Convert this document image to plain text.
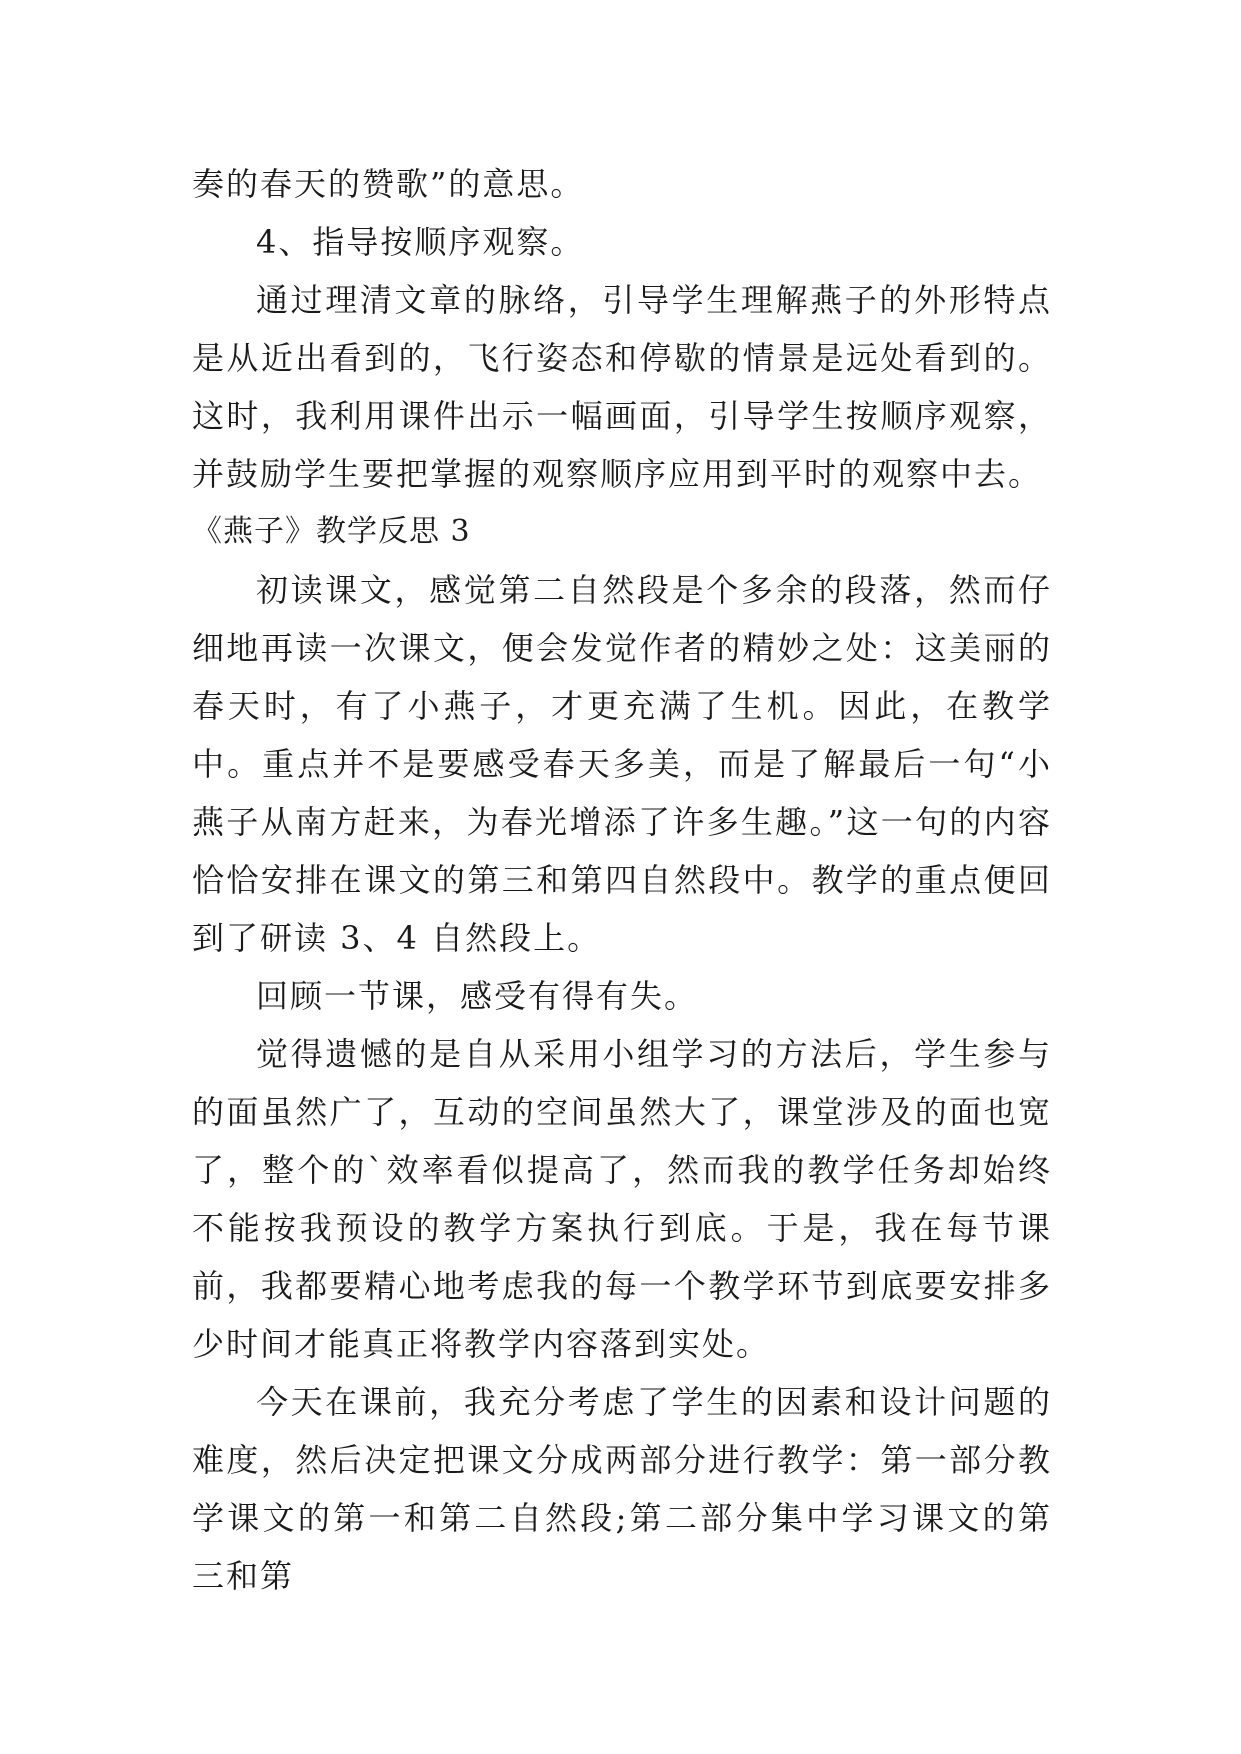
奏的春天的赞歌”的意思。

4、指导按顺序观察。

通过理清文章的脉络，引导学生理解燕子的外形特点是从近出看到的，飞行姿态和停歇的情景是远处看到的。这时，我利用课件出示一幅画面，引导学生按顺序观察，并鼓励学生要把掌握的观察顺序应用到平时的观察中去。

《燕子》教学反思 3

初读课文，感觉第二自然段是个多余的段落，然而仔细地再读一次课文，便会发觉作者的精妙之处：这美丽的春天时，有了小燕子，才更充满了生机。因此，在教学中。重点并不是要感受春天多美，而是了解最后一句“小燕子从南方赶来，为春光增添了许多生趣。”这一句的内容恰恰安排在课文的第三和第四自然段中。教学的重点便回到了研读 3、4 自然段上。

回顾一节课，感受有得有失。

觉得遗憾的是自从采用小组学习的方法后，学生参与的面虽然广了，互动的空间虽然大了，课堂涉及的面也宽了，整个的`效率看似提高了，然而我的教学任务却始终不能按我预设的教学方案执行到底。于是，我在每节课前，我都要精心地考虑我的每一个教学环节到底要安排多少时间才能真正将教学内容落到实处。

今天在课前，我充分考虑了学生的因素和设计问题的难度，然后决定把课文分成两部分进行教学：第一部分教学课文的第一和第二自然段;第二部分集中学习课文的第三和第
